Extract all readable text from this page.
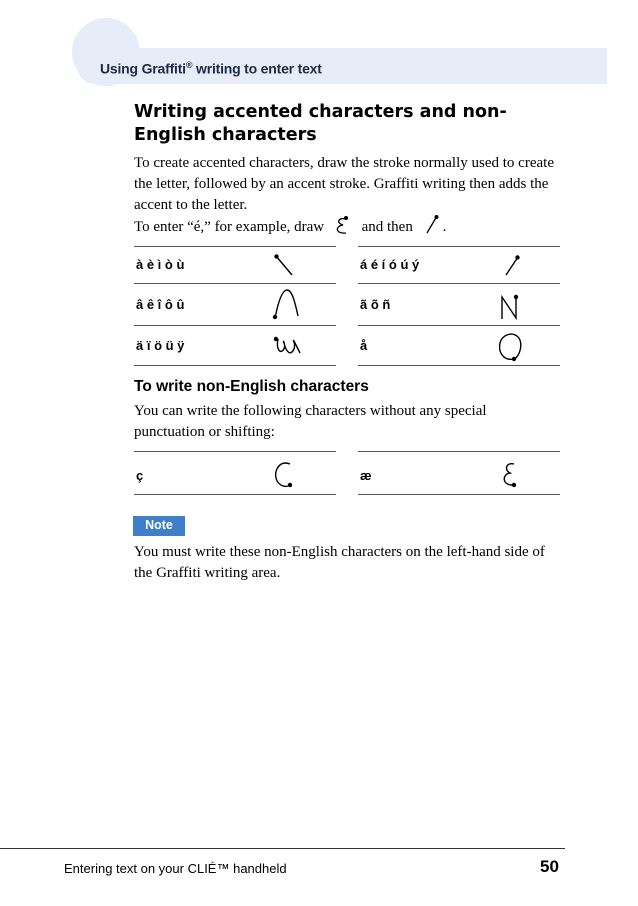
Using Graffiti® writing to enter text
Writing accented characters and non-English characters
To create accented characters, draw the stroke normally used to create the letter, followed by an accent stroke. Graffiti writing then adds the accent to the letter.
To enter “é,” for example, draw	and then .
à è ì ò ù	á é í ó ú ý
â ê î ô û	ã õ ñ
ä ï ö ü ÿ	å
To write non-English characters
You can write the following characters without any special punctuation or shifting:
ç	æ
Note
You must write these non-English characters on the left-hand side of the Graffiti writing area.
Entering text on your CLIÉ™ handheld	50
